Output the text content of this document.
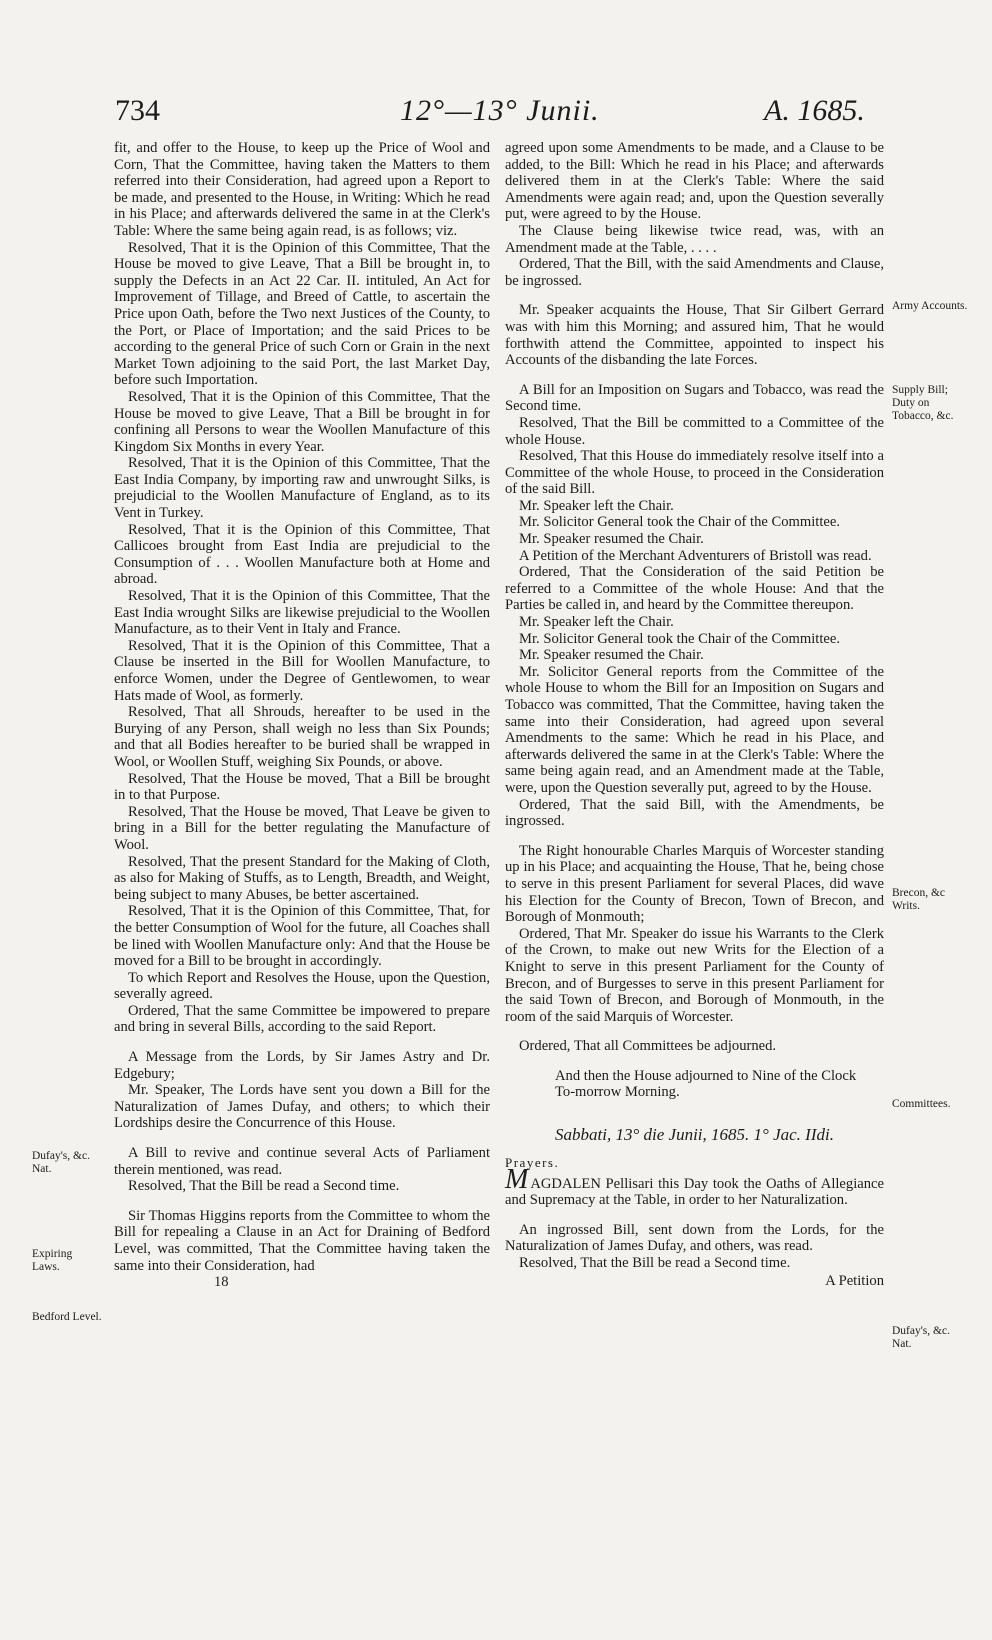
734	12°—13° Junii.	A. 1685.

fit, and offer to the House, to keep up the Price of Wool and Corn, That the Committee, having taken the Matters to them referred into their Consideration, had agreed upon a Report to be made, and presented to the House, in Writing: Which he read in his Place; and afterwards delivered the same in at the Clerk's Table: Where the same being again read, is as follows; viz.

Resolved, That it is the Opinion of this Committee, That the House be moved to give Leave, That a Bill be brought in, to supply the Defects in an Act 22 Car. II. intituled, An Act for Improvement of Tillage, and Breed of Cattle, to ascertain the Price upon Oath, before the Two next Justices of the County, to the Port, or Place of Importation; and the said Prices to be according to the general Price of such Corn or Grain in the next Market Town adjoining to the said Port, the last Market Day, before such Importation.

Resolved, That it is the Opinion of this Committee, That the House be moved to give Leave, That a Bill be brought in for confining all Persons to wear the Woollen Manufacture of this Kingdom Six Months in every Year.

Resolved, That it is the Opinion of this Committee, That the East India Company, by importing raw and unwrought Silks, is prejudicial to the Woollen Manufacture of England, as to its Vent in Turkey.

Resolved, That it is the Opinion of this Committee, That Callicoes brought from East India are prejudicial to the Consumption of . . . Woollen Manufacture both at Home and abroad.

Resolved, That it is the Opinion of this Committee, That the East India wrought Silks are likewise prejudicial to the Woollen Manufacture, as to their Vent in Italy and France.

Resolved, That it is the Opinion of this Committee, That a Clause be inserted in the Bill for Woollen Manufacture, to enforce Women, under the Degree of Gentlewomen, to wear Hats made of Wool, as formerly.

Resolved, That all Shrouds, hereafter to be used in the Burying of any Person, shall weigh no less than Six Pounds; and that all Bodies hereafter to be buried shall be wrapped in Wool, or Woollen Stuff, weighing Six Pounds, or above.

Resolved, That the House be moved, That a Bill be brought in to that Purpose.

Resolved, That the House be moved, That Leave be given to bring in a Bill for the better regulating the Manufacture of Wool.

Resolved, That the present Standard for the Making of Cloth, as also for Making of Stuffs, as to Length, Breadth, and Weight, being subject to many Abuses, be better ascertained.

Resolved, That it is the Opinion of this Committee, That, for the better Consumption of Wool for the future, all Coaches shall be lined with Woollen Manufacture only: And that the House be moved for a Bill to be brought in accordingly.

To which Report and Resolves the House, upon the Question, severally agreed.

Ordered, That the same Committee be impowered to prepare and bring in several Bills, according to the said Report.

A Message from the Lords, by Sir James Astry and Dr. Edgebury;

Mr. Speaker, The Lords have sent you down a Bill for the Naturalization of James Dufay, and others; to which their Lordships desire the Concurrence of this House.

A Bill to revive and continue several Acts of Parliament therein mentioned, was read.

Resolved, That the Bill be read a Second time.

Sir Thomas Higgins reports from the Committee to whom the Bill for repealing a Clause in an Act for Draining of Bedford Level, was committed, That the Committee having taken the same into their Consideration, had

18

agreed upon some Amendments to be made, and a Clause to be added, to the Bill: Which he read in his Place; and afterwards delivered them in at the Clerk's Table: Where the said Amendments were again read; and, upon the Question severally put, were agreed to by the House.

The Clause being likewise twice read, was, with an Amendment made at the Table, . . . .

Ordered, That the Bill, with the said Amendments and Clause, be ingrossed.

Mr. Speaker acquaints the House, That Sir Gilbert Gerrard was with him this Morning; and assured him, That he would forthwith attend the Committee, appointed to inspect his Accounts of the disbanding the late Forces.

A Bill for an Imposition on Sugars and Tobacco, was read the Second time.

Resolved, That the Bill be committed to a Committee of the whole House.

Resolved, That this House do immediately resolve itself into a Committee of the whole House, to proceed in the Consideration of the said Bill.

Mr. Speaker left the Chair.

Mr. Solicitor General took the Chair of the Committee.

Mr. Speaker resumed the Chair.

A Petition of the Merchant Adventurers of Bristoll was read.

Ordered, That the Consideration of the said Petition be referred to a Committee of the whole House: And that the Parties be called in, and heard by the Committee thereupon.

Mr. Speaker left the Chair.

Mr. Solicitor General took the Chair of the Committee.

Mr. Speaker resumed the Chair.

Mr. Solicitor General reports from the Committee of the whole House to whom the Bill for an Imposition on Sugars and Tobacco was committed, That the Committee, having taken the same into their Consideration, had agreed upon several Amendments to the same: Which he read in his Place, and afterwards delivered the same in at the Clerk's Table: Where the same being again read, and an Amendment made at the Table, were, upon the Question severally put, agreed to by the House.

Ordered, That the said Bill, with the Amendments, be ingrossed.

The Right honourable Charles Marquis of Worcester standing up in his Place; and acquainting the House, That he, being chose to serve in this present Parliament for several Places, did wave his Election for the County of Brecon, Town of Brecon, and Borough of Monmouth;

Ordered, That Mr. Speaker do issue his Warrants to the Clerk of the Crown, to make out new Writs for the Election of a Knight to serve in this present Parliament for the County of Brecon, and of Burgesses to serve in this present Parliament for the said Town of Brecon, and Borough of Monmouth, in the room of the said Marquis of Worcester.

Ordered, That all Committees be adjourned.

And then the House adjourned to Nine of the Clock To-morrow Morning.

Sabbati, 13° die Junii, 1685. 1° Jac. IIdi.

Prayers.

MAGDALEN Pellisari this Day took the Oaths of Allegiance and Supremacy at the Table, in order to her Naturalization.

An ingrossed Bill, sent down from the Lords, for the Naturalization of James Dufay, and others, was read.

Resolved, That the Bill be read a Second time.

A Petition

Dufay's, &c. Nat.
Expiring Laws.
Bedford Level.
Army Accounts.
Supply Bill; Duty on Tobacco, &c.
Brecon, &c Writs.
Committees.
Dufay's, &c. Nat.
